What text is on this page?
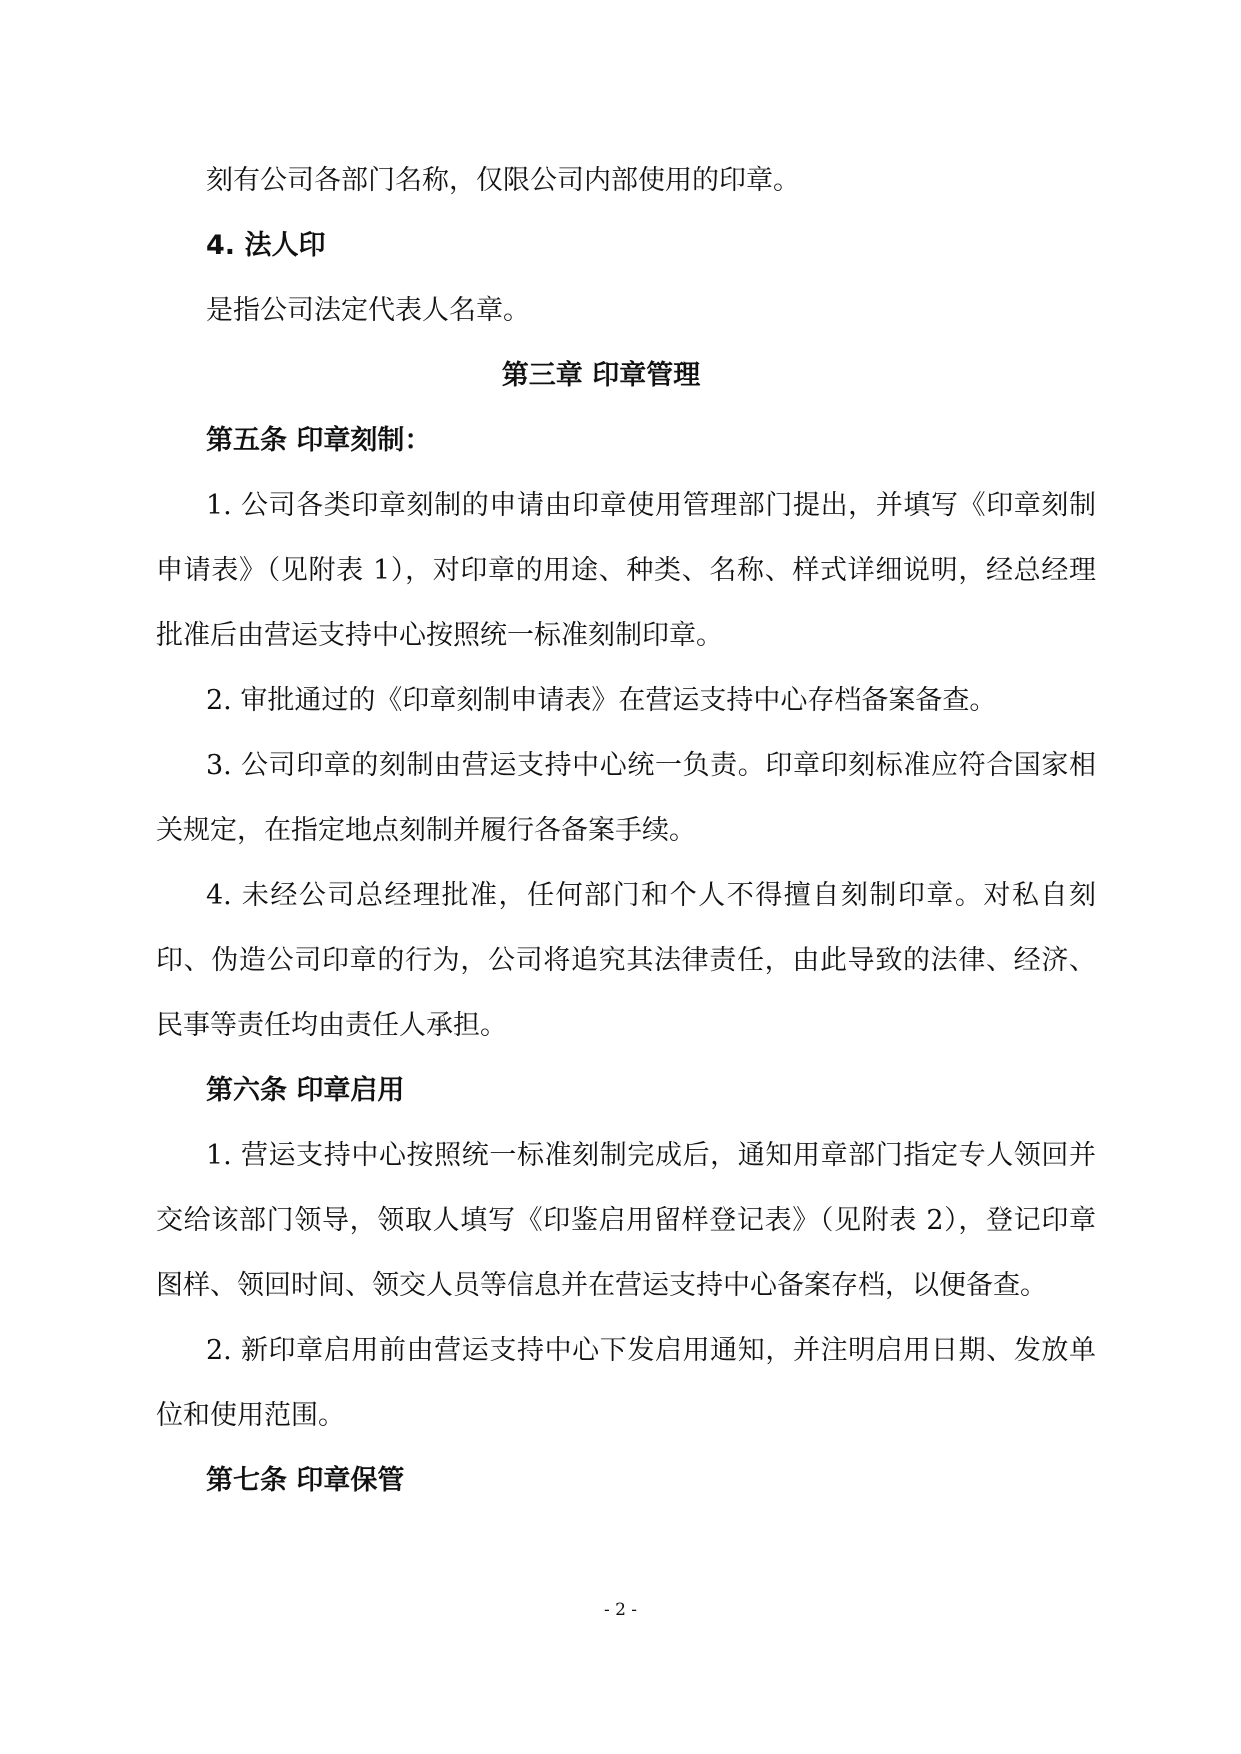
刻有公司各部门名称，仅限公司内部使用的印章。

4. 法人印

是指公司法定代表人名章。

第三章 印章管理

第五条 印章刻制：

1. 公司各类印章刻制的申请由印章使用管理部门提出，并填写《印章刻制申请表》（见附表 1），对印章的用途、种类、名称、样式详细说明，经总经理批准后由营运支持中心按照统一标准刻制印章。

2. 审批通过的《印章刻制申请表》在营运支持中心存档备案备查。

3. 公司印章的刻制由营运支持中心统一负责。印章印刻标准应符合国家相关规定，在指定地点刻制并履行各备案手续。

4. 未经公司总经理批准，任何部门和个人不得擅自刻制印章。对私自刻印、伪造公司印章的行为，公司将追究其法律责任，由此导致的法律、经济、民事等责任均由责任人承担。

第六条 印章启用

1. 营运支持中心按照统一标准刻制完成后，通知用章部门指定专人领回并交给该部门领导，领取人填写《印鉴启用留样登记表》（见附表 2），登记印章图样、领回时间、领交人员等信息并在营运支持中心备案存档，以便备查。

2. 新印章启用前由营运支持中心下发启用通知，并注明启用日期、发放单位和使用范围。

第七条 印章保管

- 2 -
